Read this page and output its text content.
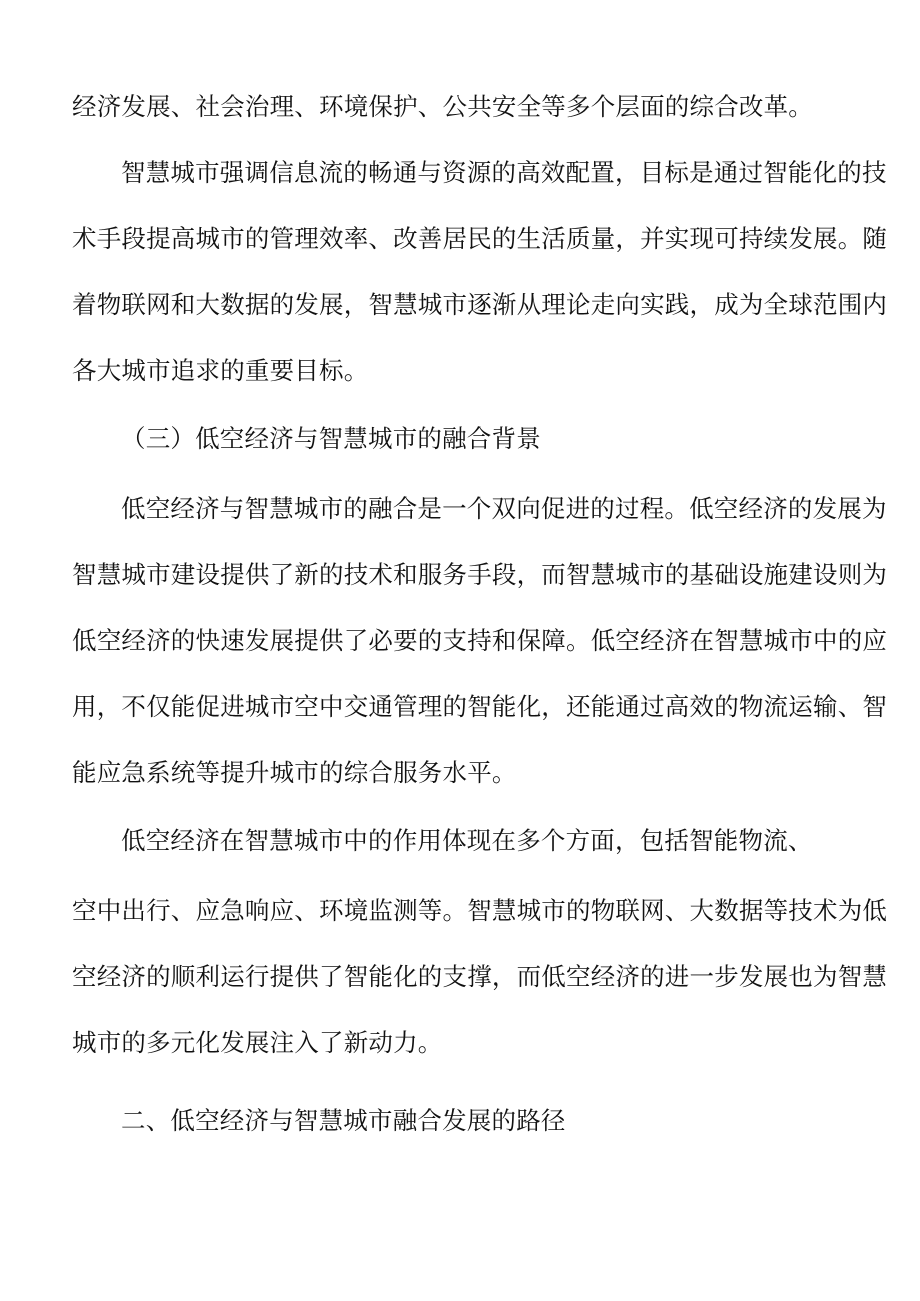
经济发展、社会治理、环境保护、公共安全等多个层面的综合改革。
智慧城市强调信息流的畅通与资源的高效配置，目标是通过智能化的技
术手段提高城市的管理效率、改善居民的生活质量，并实现可持续发展。随
着物联网和大数据的发展，智慧城市逐渐从理论走向实践，成为全球范围内
各大城市追求的重要目标。
（三）低空经济与智慧城市的融合背景
低空经济与智慧城市的融合是一个双向促进的过程。低空经济的发展为
智慧城市建设提供了新的技术和服务手段，而智慧城市的基础设施建设则为
低空经济的快速发展提供了必要的支持和保障。低空经济在智慧城市中的应
用，不仅能促进城市空中交通管理的智能化，还能通过高效的物流运输、智
能应急系统等提升城市的综合服务水平。
低空经济在智慧城市中的作用体现在多个方面，包括智能物流、
空中出行、应急响应、环境监测等。智慧城市的物联网、大数据等技术为低
空经济的顺利运行提供了智能化的支撑，而低空经济的进一步发展也为智慧
城市的多元化发展注入了新动力。
二、低空经济与智慧城市融合发展的路径
